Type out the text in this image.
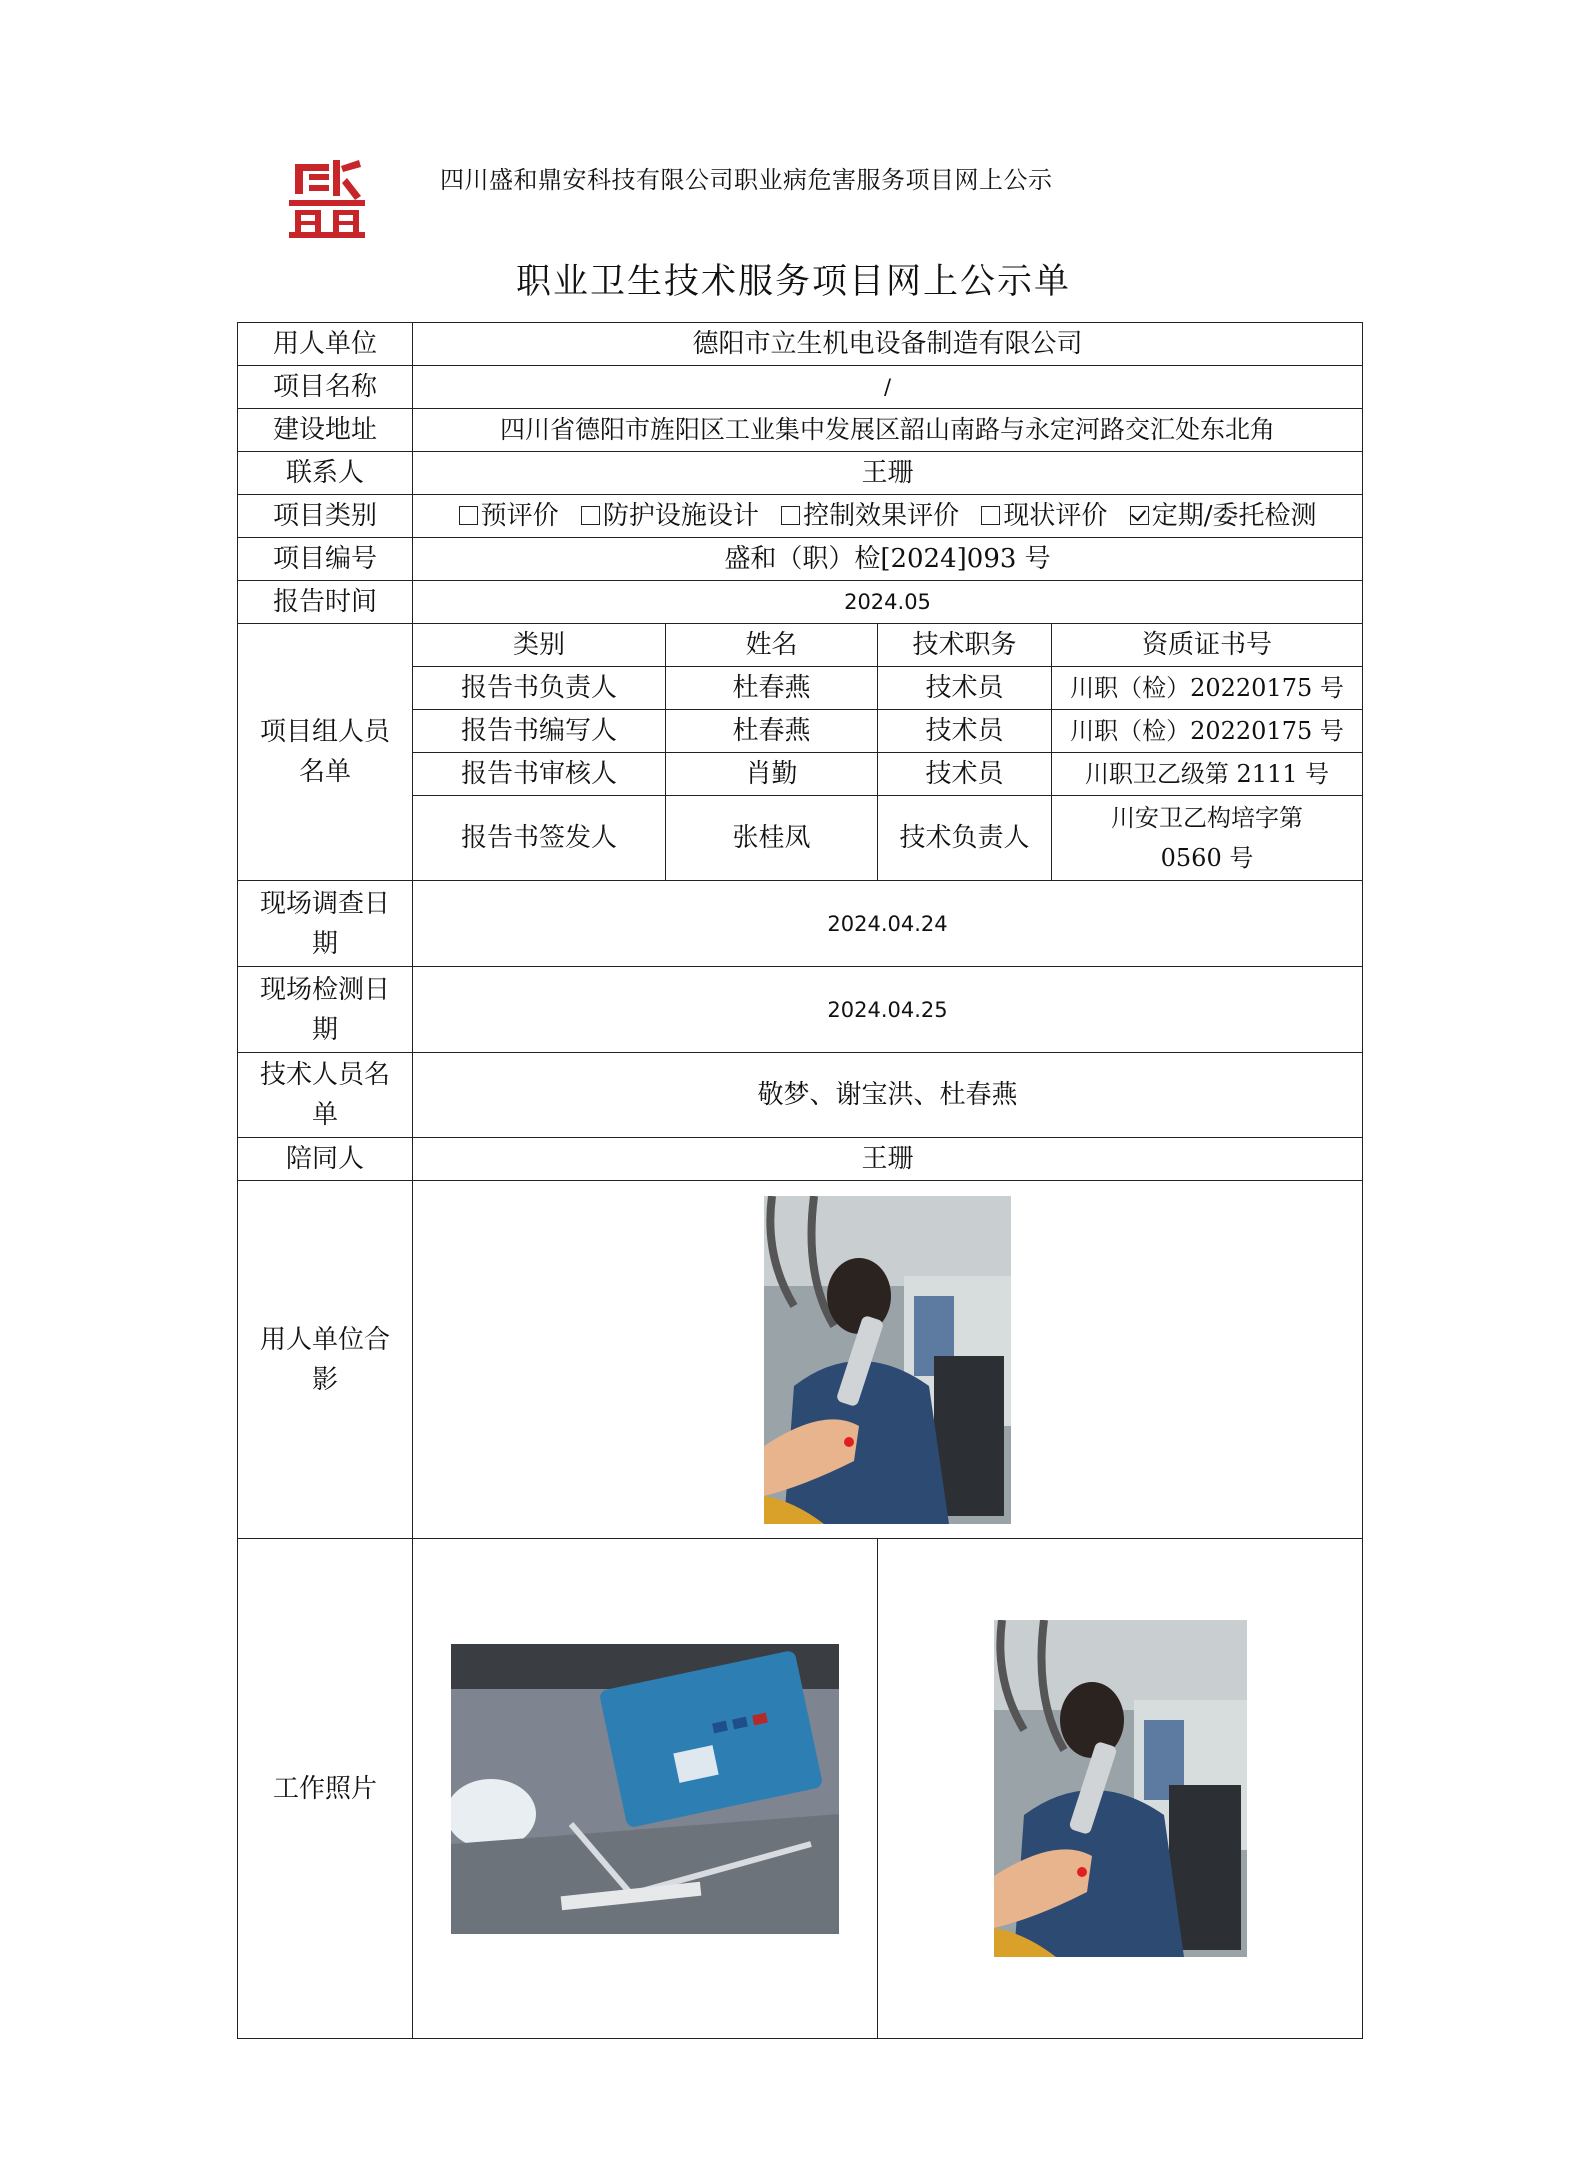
四川盛和鼎安科技有限公司职业病危害服务项目网上公示
职业卫生技术服务项目网上公示单
用人单位	德阳市立生机电设备制造有限公司			
项目名称	/			
建设地址	四川省德阳市旌阳区工业集中发展区韶山南路与永定河路交汇处东北角			
联系人	王珊			
项目类别	预评价 防护设施设计 控制效果评价 现状评价 定期/委托检测			
项目编号	盛和（职）检[2024]093 号			
报告时间	2024.05			
项目组人员名单	类别	姓名	技术职务	资质证书号
	报告书负责人	杜春燕	技术员	川职（检）20220175 号
	报告书编写人	杜春燕	技术员	川职（检）20220175 号
	报告书审核人	肖勤	技术员	川职卫乙级第 2111 号
	报告书签发人	张桂凤	技术负责人	川安卫乙构培字第 0560 号
现场调查日期	2024.04.24			
现场检测日期	2024.04.25			
技术人员名单	敬梦、谢宝洪、杜春燕			
陪同人	王珊			
用人单位合影	
工作照片		
